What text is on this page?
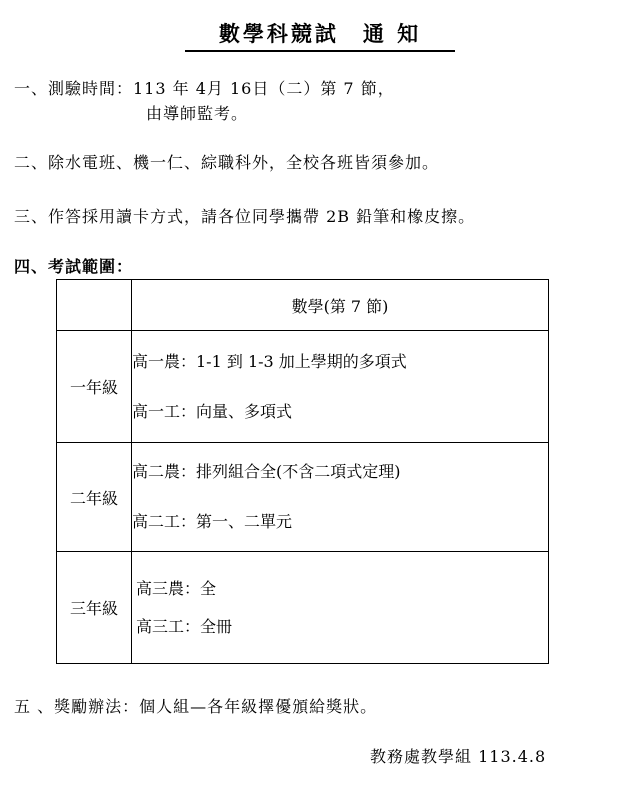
數學科競試　通 知
一、測驗時間：113 年 4月 16日（二）第 7 節，
由導師監考。
二、除水電班、機一仁、綜職科外，全校各班皆須參加。
三、作答採用讀卡方式，請各位同學攜帶 2B 鉛筆和橡皮擦。
四、考試範圍：
	數學(第 7 節)
一年級	高一農：1-1 到 1-3 加上學期的多項式
高一工：向量、多項式

二年級	高二農：排列組合全(不含二項式定理)
高二工：第一、二單元

三年級	高三農：全
高三工：全冊
五 、獎勵辦法：個人組—各年級擇優頒給獎狀。
教務處教學組 113.4.8
